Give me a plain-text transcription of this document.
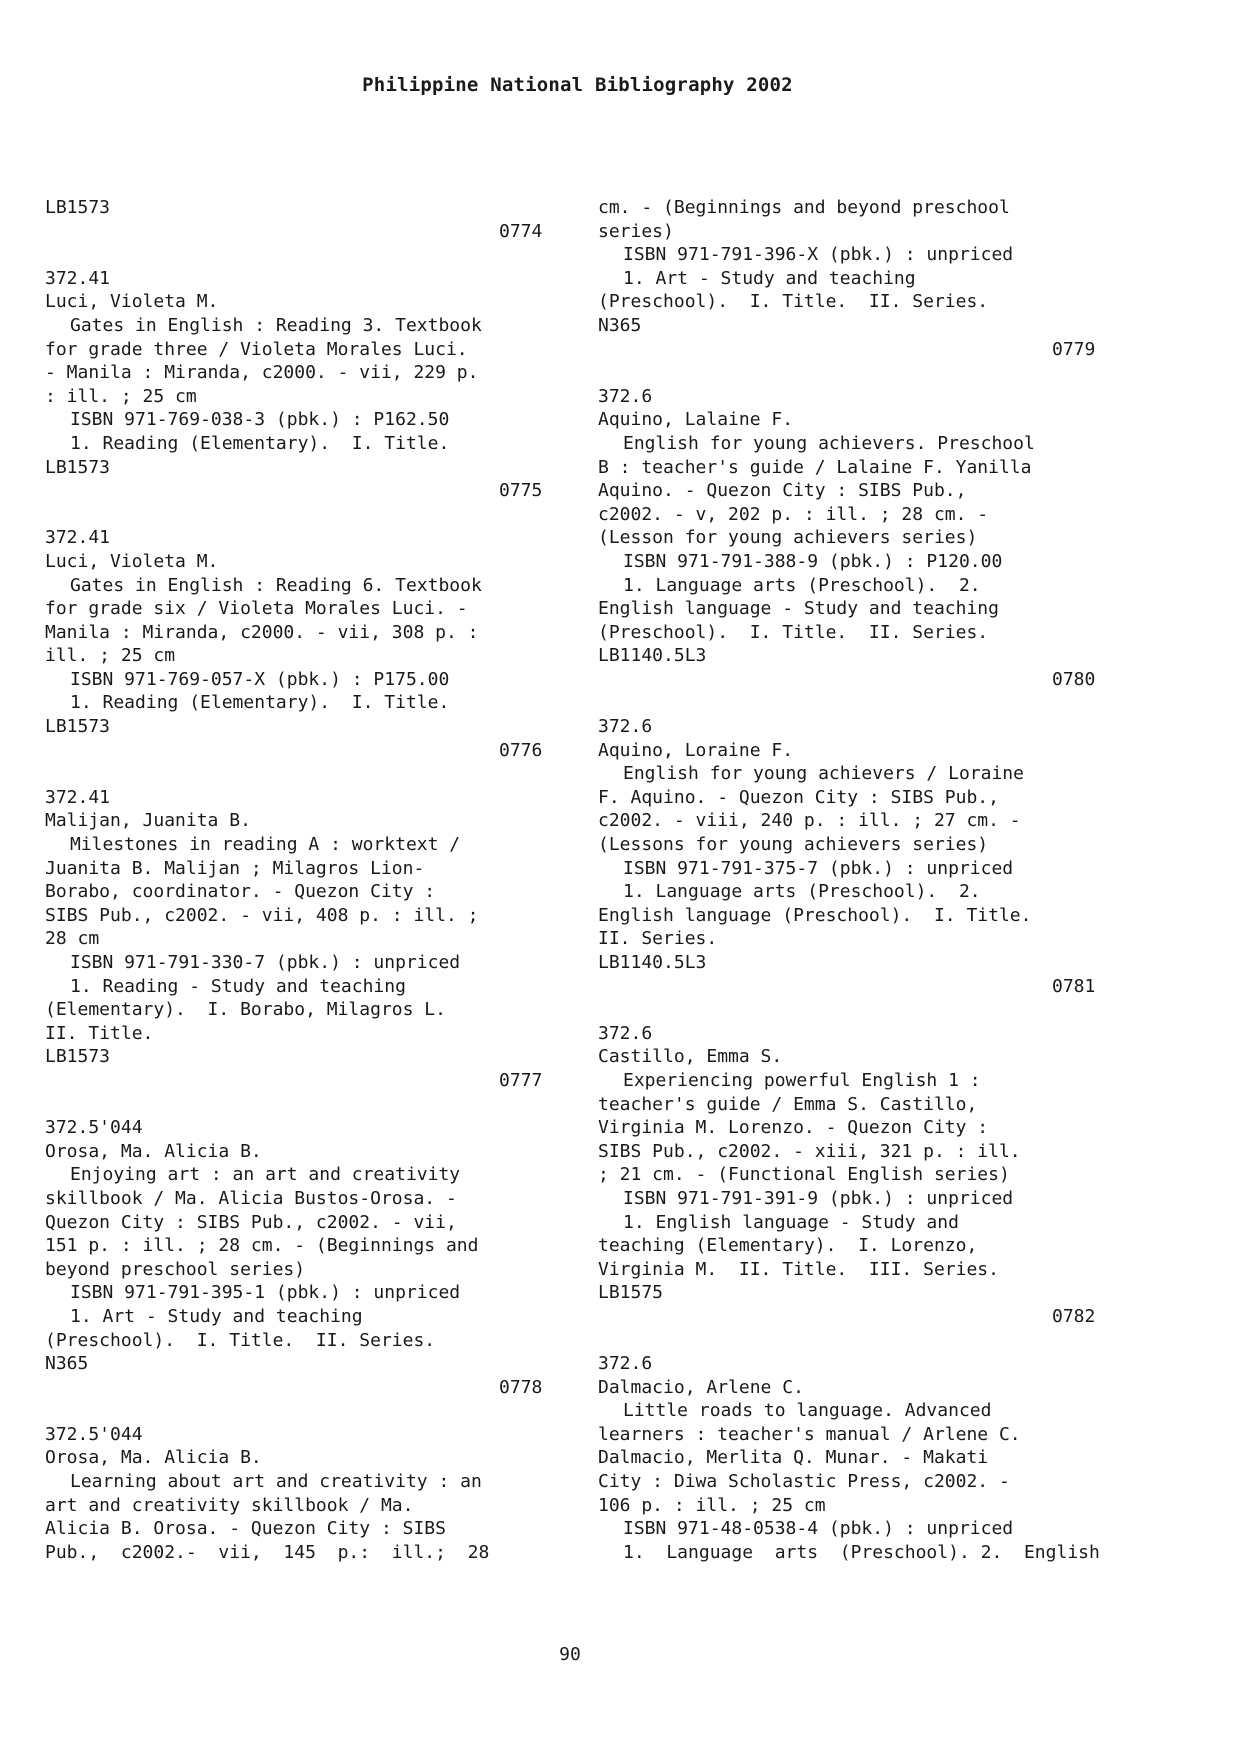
Philippine National Bibliography 2002
LB1573
0774
372.41
Luci, Violeta M.
Gates in English : Reading 3. Textbook
for grade three / Violeta Morales Luci.
- Manila : Miranda, c2000. - vii, 229 p.
: ill. ; 25 cm
ISBN 971-769-038-3 (pbk.) : P162.50
1. Reading (Elementary).  I. Title.
LB1573
0775
372.41
Luci, Violeta M.
Gates in English : Reading 6. Textbook
for grade six / Violeta Morales Luci. -
Manila : Miranda, c2000. - vii, 308 p. :
ill. ; 25 cm
ISBN 971-769-057-X (pbk.) : P175.00
1. Reading (Elementary).  I. Title.
LB1573
0776
372.41
Malijan, Juanita B.
Milestones in reading A : worktext /
Juanita B. Malijan ; Milagros Lion-
Borabo, coordinator. - Quezon City :
SIBS Pub., c2002. - vii, 408 p. : ill. ;
28 cm
ISBN 971-791-330-7 (pbk.) : unpriced
1. Reading - Study and teaching
(Elementary).  I. Borabo, Milagros L.
II. Title.
LB1573
0777
372.5'044
Orosa, Ma. Alicia B.
Enjoying art : an art and creativity
skillbook / Ma. Alicia Bustos-Orosa. -
Quezon City : SIBS Pub., c2002. - vii,
151 p. : ill. ; 28 cm. - (Beginnings and
beyond preschool series)
ISBN 971-791-395-1 (pbk.) : unpriced
1. Art - Study and teaching
(Preschool).  I. Title.  II. Series.
N365
0778
372.5'044
Orosa, Ma. Alicia B.
Learning about art and creativity : an
art and creativity skillbook / Ma.
Alicia B. Orosa. - Quezon City : SIBS
Pub.,  c2002.-  vii,  145  p.:  ill.;  28
cm. - (Beginnings and beyond preschool
series)
ISBN 971-791-396-X (pbk.) : unpriced
1. Art - Study and teaching
(Preschool).  I. Title.  II. Series.
N365
0779
372.6
Aquino, Lalaine F.
English for young achievers. Preschool
B : teacher's guide / Lalaine F. Yanilla
Aquino. - Quezon City : SIBS Pub.,
c2002. - v, 202 p. : ill. ; 28 cm. -
(Lesson for young achievers series)
ISBN 971-791-388-9 (pbk.) : P120.00
1. Language arts (Preschool).  2.
English language - Study and teaching
(Preschool).  I. Title.  II. Series.
LB1140.5L3
0780
372.6
Aquino, Loraine F.
English for young achievers / Loraine
F. Aquino. - Quezon City : SIBS Pub.,
c2002. - viii, 240 p. : ill. ; 27 cm. -
(Lessons for young achievers series)
ISBN 971-791-375-7 (pbk.) : unpriced
1. Language arts (Preschool).  2.
English language (Preschool).  I. Title.
II. Series.
LB1140.5L3
0781
372.6
Castillo, Emma S.
Experiencing powerful English 1 :
teacher's guide / Emma S. Castillo,
Virginia M. Lorenzo. - Quezon City :
SIBS Pub., c2002. - xiii, 321 p. : ill.
; 21 cm. - (Functional English series)
ISBN 971-791-391-9 (pbk.) : unpriced
1. English language - Study and
teaching (Elementary).  I. Lorenzo,
Virginia M.  II. Title.  III. Series.
LB1575
0782
372.6
Dalmacio, Arlene C.
Little roads to language. Advanced
learners : teacher's manual / Arlene C.
Dalmacio, Merlita Q. Munar. - Makati
City : Diwa Scholastic Press, c2002. -
106 p. : ill. ; 25 cm
ISBN 971-48-0538-4 (pbk.) : unpriced
1.  Language  arts  (Preschool). 2.  English
90
